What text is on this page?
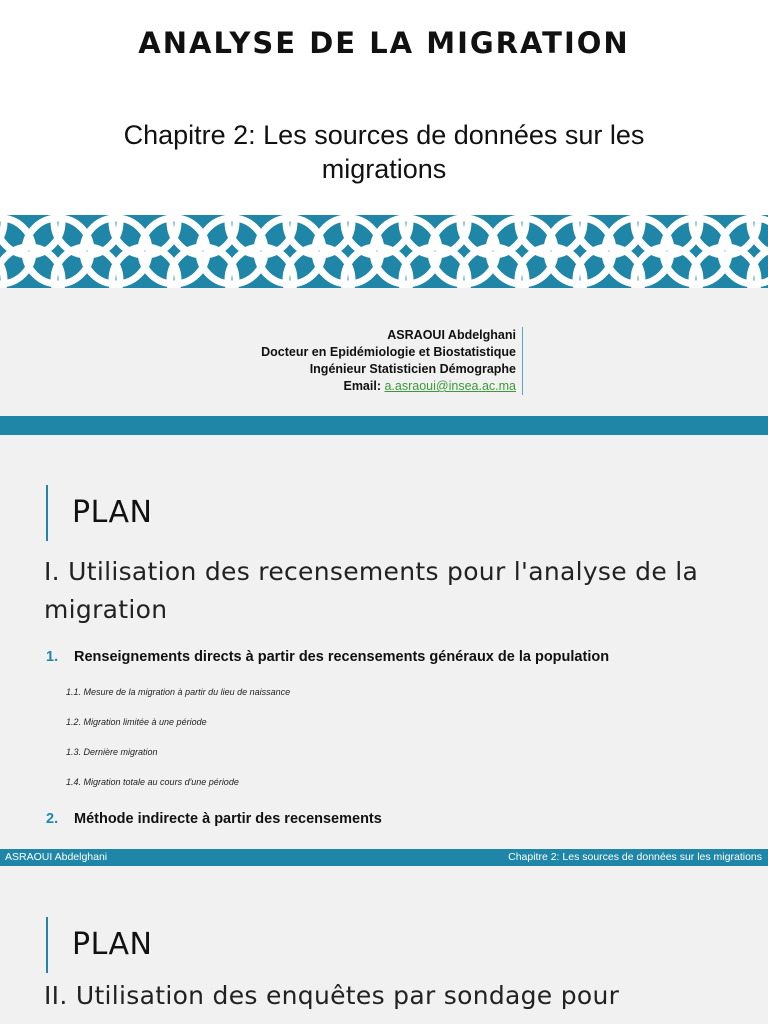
ANALYSE DE LA MIGRATION
Chapitre 2: Les sources de données sur les migrations
ASRAOUI Abdelghani
Docteur en Epidémiologie et Biostatistique
Ingénieur Statisticien Démographe
Email: a.asraoui@insea.ac.ma
PLAN
I. Utilisation des recensements pour l'analyse de la migration
1. Renseignements directs à partir des recensements généraux de la population
1.1. Mesure de la migration à partir du lieu de naissance
1.2. Migration limitée à une période
1.3. Dernière migration
1.4. Migration totale au cours d'une période
2. Méthode indirecte à partir des recensements
ASRAOUI Abdelghani	Chapitre 2: Les sources de données sur les migrations
PLAN
II. Utilisation des enquêtes par sondage pour
